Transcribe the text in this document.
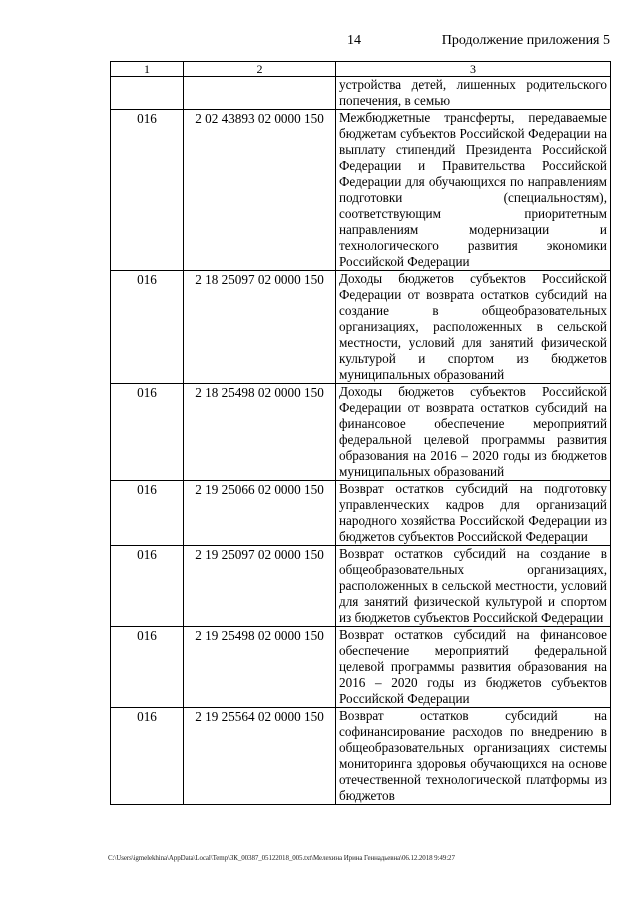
14	Продолжение приложения 5
1	2	3
		устройства детей, лишенных родительского попечения, в семью
016	2 02 43893 02 0000 150	Межбюджетные трансферты, передаваемые бюджетам субъектов Российской Федерации на выплату стипендий Президента Российской Федерации и Правительства Российской Федерации для обучающихся по направлениям подготовки (специальностям), соответствующим приоритетным направлениям модернизации и технологического развития экономики Российской Федерации
016	2 18 25097 02 0000 150	Доходы бюджетов субъектов Российской Федерации от возврата остатков субсидий на создание в общеобразовательных организациях, расположенных в сельской местности, условий для занятий физической культурой и спортом из бюджетов муниципальных образований
016	2 18 25498 02 0000 150	Доходы бюджетов субъектов Российской Федерации от возврата остатков субсидий на финансовое обеспечение мероприятий федеральной целевой программы развития образования на 2016 – 2020 годы из бюджетов муниципальных образований
016	2 19 25066 02 0000 150	Возврат остатков субсидий на подготовку управленческих кадров для организаций народного хозяйства Российской Федерации из бюджетов субъектов Российской Федерации
016	2 19 25097 02 0000 150	Возврат остатков субсидий на создание в общеобразовательных организациях, расположенных в сельской местности, условий для занятий физической культурой и спортом из бюджетов субъектов Российской Федерации
016	2 19 25498 02 0000 150	Возврат остатков субсидий на финансовое обеспечение мероприятий федеральной целевой программы развития образования на 2016 – 2020 годы из бюджетов субъектов Российской Федерации
016	2 19 25564 02 0000 150	Возврат остатков субсидий на софинансирование расходов по внедрению в общеобразовательных организациях системы мониторинга здоровья обучающихся на основе отечественной технологической платформы из бюджетов
C:\Users\igmelekhina\AppData\Local\Temp\ЗК_00387_05122018_005.txt\Мелехина Ирина Геннадьевна\06.12.2018 9:49:27
